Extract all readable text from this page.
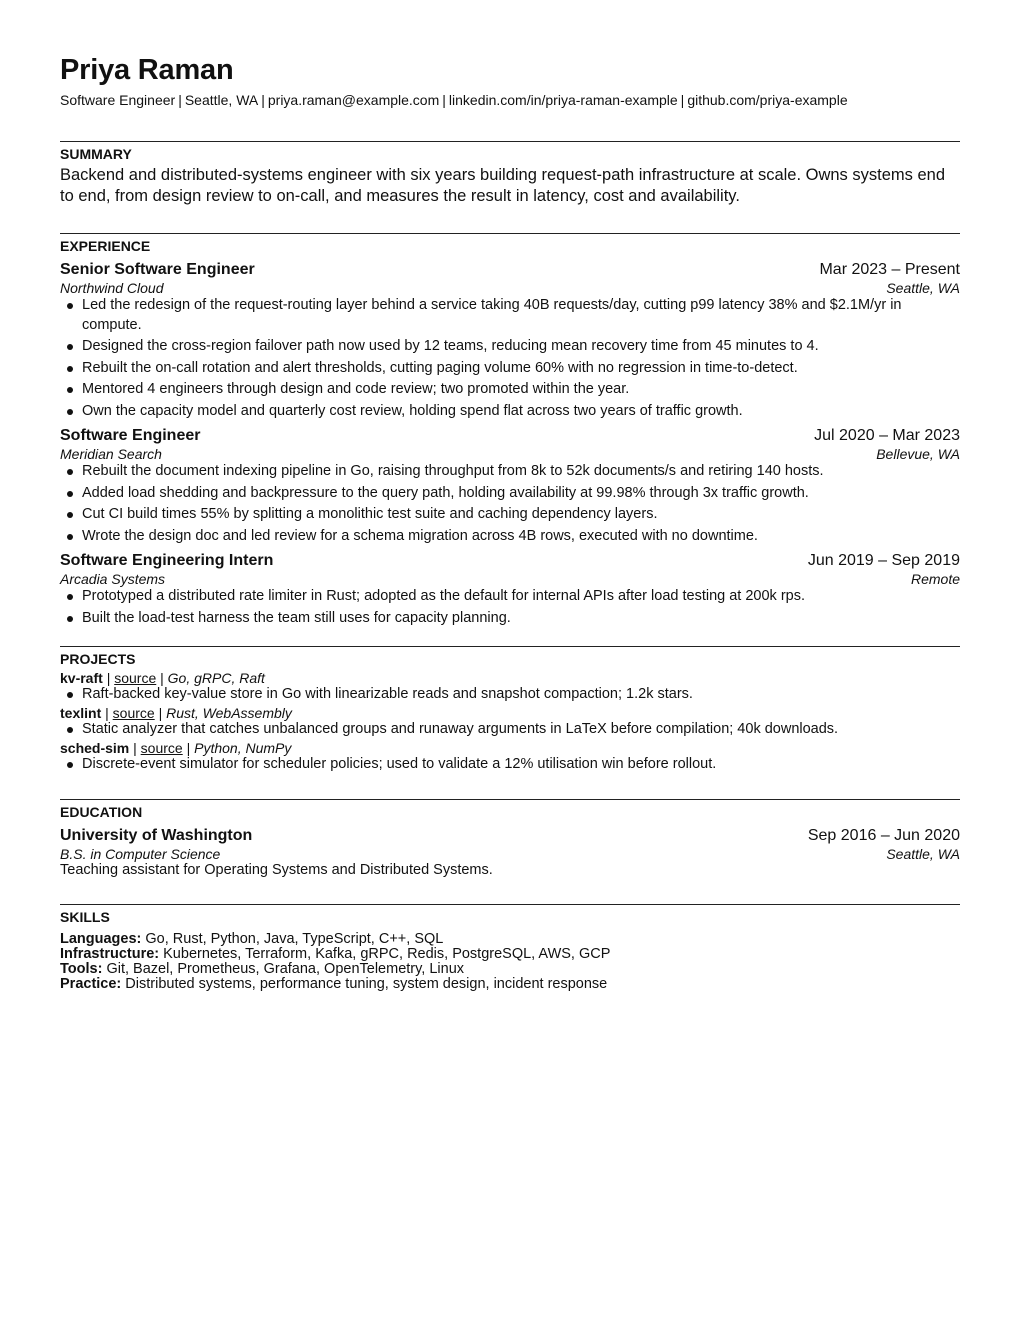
Priya Raman
Software Engineer | Seattle, WA | priya.raman@example.com | linkedin.com/in/priya-raman-example | github.com/priya-example
SUMMARY
Backend and distributed-systems engineer with six years building request-path infrastructure at scale. Owns systems end to end, from design review to on-call, and measures the result in latency, cost and availability.
EXPERIENCE
Senior Software Engineer	Mar 2023 – Present
Northwind Cloud	Seattle, WA
Led the redesign of the request-routing layer behind a service taking 40B requests/day, cutting p99 latency 38% and $2.1M/yr in compute.
Designed the cross-region failover path now used by 12 teams, reducing mean recovery time from 45 minutes to 4.
Rebuilt the on-call rotation and alert thresholds, cutting paging volume 60% with no regression in time-to-detect.
Mentored 4 engineers through design and code review; two promoted within the year.
Own the capacity model and quarterly cost review, holding spend flat across two years of traffic growth.
Software Engineer	Jul 2020 – Mar 2023
Meridian Search	Bellevue, WA
Rebuilt the document indexing pipeline in Go, raising throughput from 8k to 52k documents/s and retiring 140 hosts.
Added load shedding and backpressure to the query path, holding availability at 99.98% through 3x traffic growth.
Cut CI build times 55% by splitting a monolithic test suite and caching dependency layers.
Wrote the design doc and led review for a schema migration across 4B rows, executed with no downtime.
Software Engineering Intern	Jun 2019 – Sep 2019
Arcadia Systems	Remote
Prototyped a distributed rate limiter in Rust; adopted as the default for internal APIs after load testing at 200k rps.
Built the load-test harness the team still uses for capacity planning.
PROJECTS
kv-raft | source | Go, gRPC, Raft
Raft-backed key-value store in Go with linearizable reads and snapshot compaction; 1.2k stars.
texlint | source | Rust, WebAssembly
Static analyzer that catches unbalanced groups and runaway arguments in LaTeX before compilation; 40k downloads.
sched-sim | source | Python, NumPy
Discrete-event simulator for scheduler policies; used to validate a 12% utilisation win before rollout.
EDUCATION
University of Washington	Sep 2016 – Jun 2020
B.S. in Computer Science	Seattle, WA
Teaching assistant for Operating Systems and Distributed Systems.
SKILLS
Languages: Go, Rust, Python, Java, TypeScript, C++, SQL
Infrastructure: Kubernetes, Terraform, Kafka, gRPC, Redis, PostgreSQL, AWS, GCP
Tools: Git, Bazel, Prometheus, Grafana, OpenTelemetry, Linux
Practice: Distributed systems, performance tuning, system design, incident response
